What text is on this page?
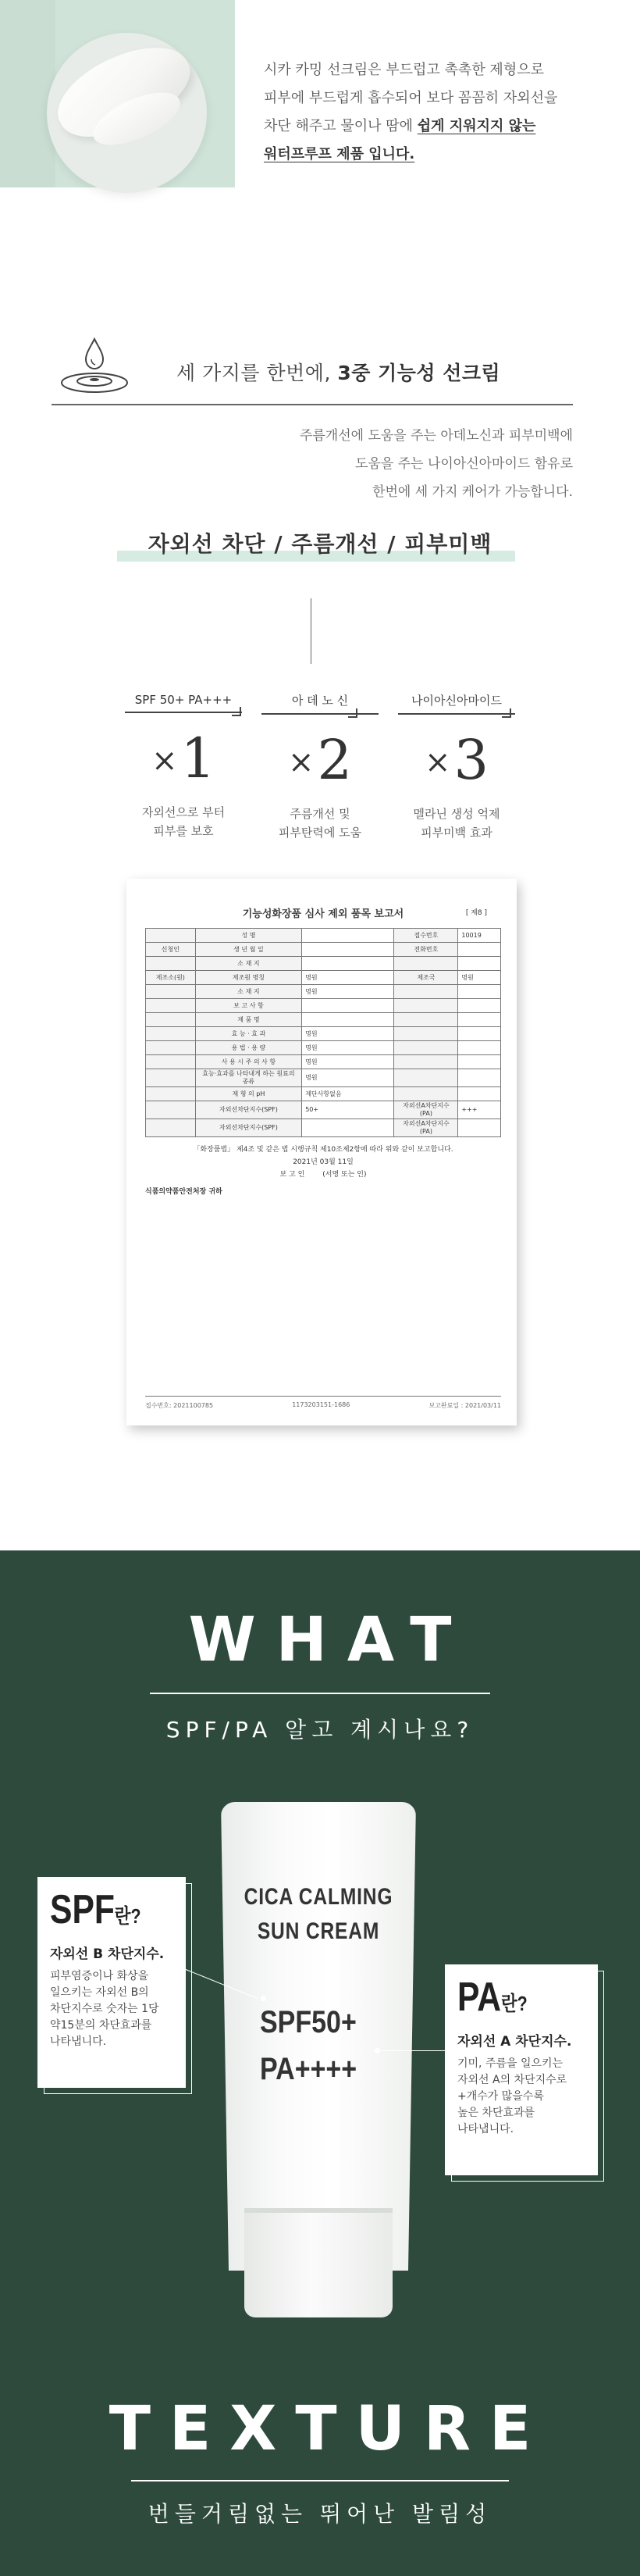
시카 카밍 선크림은 부드럽고 촉촉한 제형으로
피부에 부드럽게 흡수되어 보다 꼼꼼히 자외선을
차단 해주고 물이나 땀에 쉽게 지워지지 않는
워터프루프 제품 입니다.
세 가지를 한번에, 3중 기능성 선크림
주름개선에 도움을 주는 아데노신과 피부미백에
도움을 주는 나이아신아마이드 함유로
한번에 세 가지 케어가 가능합니다.
자외선 차단 / 주름개선 / 피부미백
SPF 50+ PA+++
×1
자외선으로 부터
피부를 보호
아 데 노 신
×2
주름개선 및
피부탄력에 도움
나이아신아마이드
×3
멜라닌 생성 억제
피부미백 효과
기능성화장품 심사 제외 품목 보고서	[ 제8 ]
	성 명		접수번호	10019
신청인	생 년 월 일		전화번호	
	소 재 지			
제조소(원)	제조원 명칭	명원	제조국	명원
	소 재 지	명원		
	보 고 사 항			
	제 품 명			
	효 능 · 효 과	명원		
	용 법 · 용 량	명원		
	사 용 시 주 의 사 항	명원		
	효능·효과를 나타내게 하는 원료의 종류	명원		
	제 형 의 pH	제단사항없음		
	자외선차단지수(SPF)	50+	자외선A차단지수(PA)	+++
	자외선차단지수(SPF)		자외선A차단지수(PA)	
「화장품법」 제4조 및 같은 법 시행규칙 제10조제2항에 따라 위와 같이 보고합니다.
2021년 03월 11일
보 고 인	(서명 또는 인)
식품의약품안전처장 귀하
접수번호: 2021100785	1173203151-1686	보고완료일 : 2021/03/11
WHAT
SPF/PA 알고 계시나요?
CICA CALMING
SUN CREAM
SPF50+
PA++++
SPF란?
자외선 B 차단지수.
피부염증이나 화상을
일으키는 자외선 B의
차단지수로 숫자는 1당
약15분의 차단효과를
나타냅니다.
PA란?
자외선 A 차단지수.
기미, 주름을 일으키는
자외선 A의 차단지수로
+개수가 많을수록
높은 차단효과를
나타냅니다.
TEXTURE
번들거림없는 뛰어난 발림성
